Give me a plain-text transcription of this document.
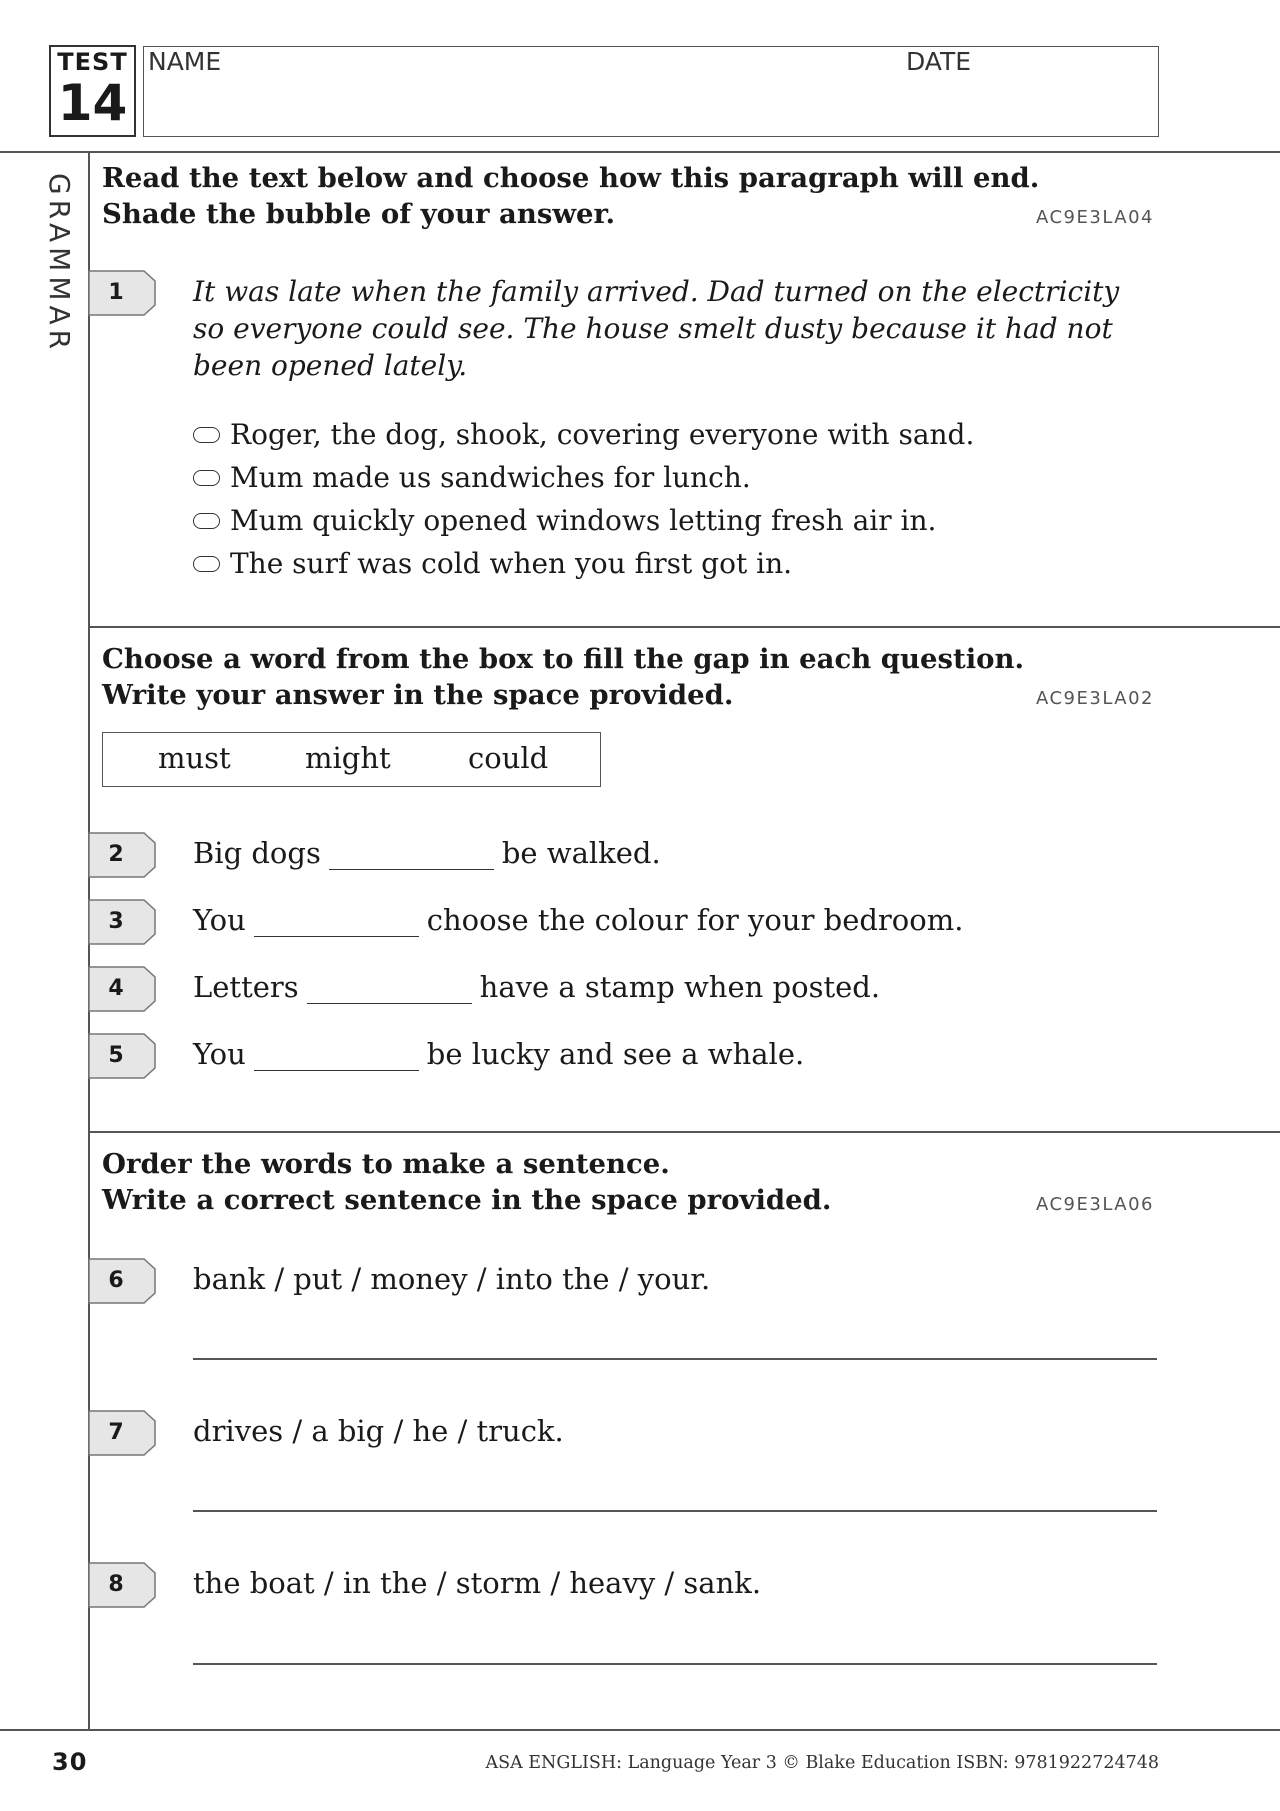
TEST
14
NAME	DATE
GRAMMAR Read the text below and choose how this paragraph will end.
Shade the bubble of your answer.	AC9E3LA04
1	It was late when the family arrived. Dad turned on the electricity so everyone could see. The house smelt dusty because it had not been opened lately.
Roger, the dog, shook, covering everyone with sand.
Mum made us sandwiches for lunch.
Mum quickly opened windows letting fresh air in.
The surf was cold when you first got in.
Choose a word from the box to fill the gap in each question.
Write your answer in the space provided.	AC9E3LA02
must	might	could
2	Big dogs	be walked.
3	You	choose the colour for your bedroom.
4	Letters	have a stamp when posted.
5	You	be lucky and see a whale.
Order the words to make a sentence.
Write a correct sentence in the space provided.	AC9E3LA06
6	bank / put / money / into the / your.
7	drives / a big / he / truck.
8	the boat / in the / storm / heavy / sank.
30	ASA ENGLISH: Language Year 3 © Blake Education ISBN: 9781922724748
